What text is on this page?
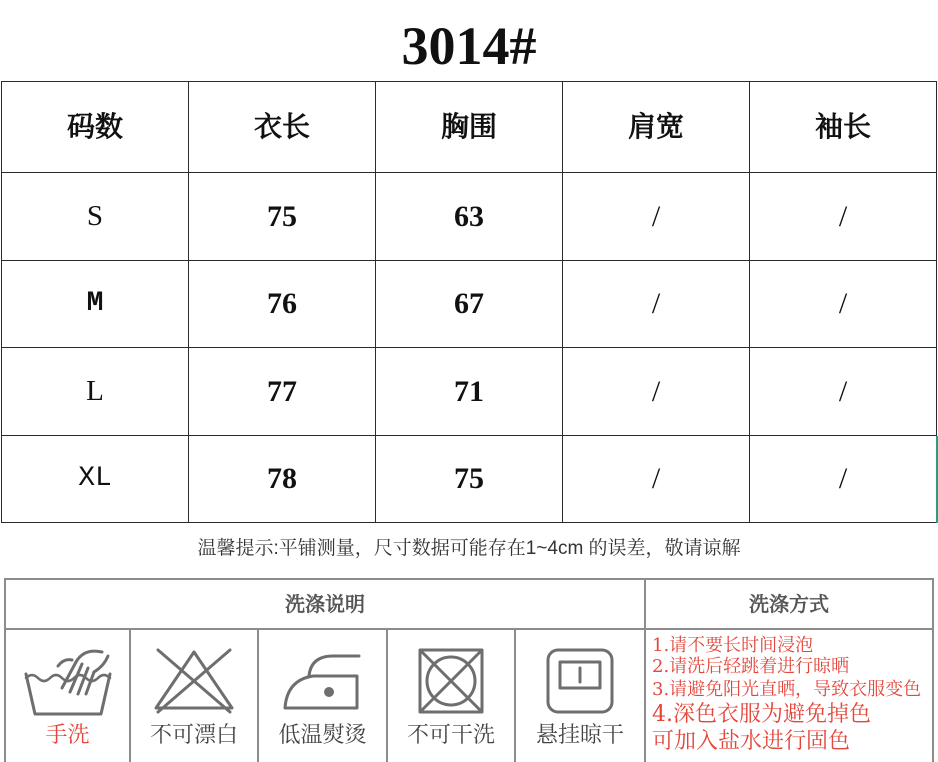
3014#
码数	衣长	胸围	肩宽	袖长
S	75	63	/	/
M	76	67	/	/
L	77	71	/	/
XL	78	75	/	/
温馨提示:平铺测量，尺寸数据可能存在1~4cm 的误差，敬请谅解
洗涤说明	洗涤方式
手洗	不可漂白	低温熨烫	不可干洗	悬挂晾干
1.请不要长时间浸泡
2.请洗后轻跳着进行晾晒
3.请避免阳光直晒，导致衣服变色
4.深色衣服为避免掉色
可加入盐水进行固色
